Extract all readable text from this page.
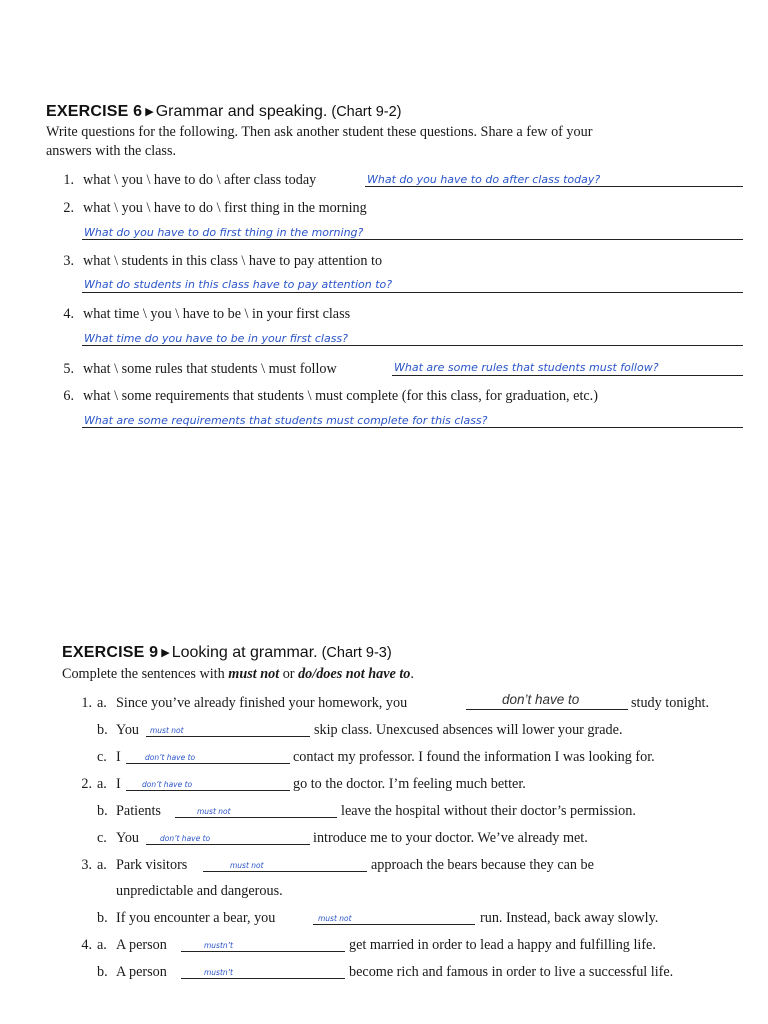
EXERCISE 6 ▶ Grammar and speaking. (Chart 9-2)
Write questions for the following. Then ask another student these questions. Share a few of your
answers with the class.
1. what \ you \ have to do \ after class today	What do you have to do after class today?
2. what \ you \ have to do \ first thing in the morning
What do you have to do first thing in the morning?
3. what \ students in this class \ have to pay attention to
What do students in this class have to pay attention to?
4. what time \ you \ have to be \ in your first class
What time do you have to be in your first class?
5. what \ some rules that students \ must follow	What are some rules that students must follow?
6. what \ some requirements that students \ must complete (for this class, for graduation, etc.)
What are some requirements that students must complete for this class?
EXERCISE 9 ▶ Looking at grammar. (Chart 9-3)
Complete the sentences with must not or do/does not have to.
1. a. Since you’ve already finished your homework, you	don’t have to	study tonight.
b. You must not	skip class. Unexcused absences will lower your grade.
c. I	don’t have to	contact my professor. I found the information I was looking for.
2. a. I	don’t have to	go to the doctor. I’m feeling much better.
b. Patients	must not	leave the hospital without their doctor’s permission.
c. You	don’t have to	introduce me to your doctor. We’ve already met.
3. a. Park visitors	must not	approach the bears because they can be
unpredictable and dangerous.
b. If you encounter a bear, you	must not	run. Instead, back away slowly.
4. a. A person	mustn’t	get married in order to lead a happy and fulfilling life.
b. A person	mustn’t	become rich and famous in order to live a successful life.
